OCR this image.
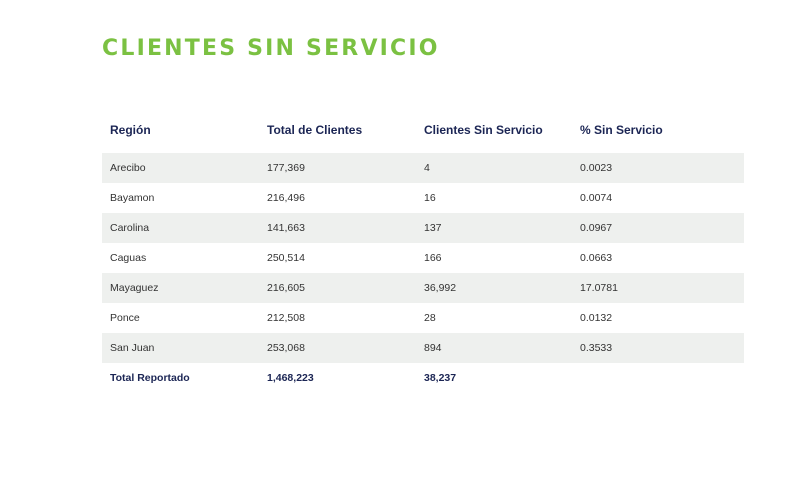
CLIENTES SIN SERVICIO
Región	Total de Clientes	Clientes Sin Servicio	% Sin Servicio
Arecibo	177,369	4	0.0023
Bayamon	216,496	16	0.0074
Carolina	141,663	137	0.0967
Caguas	250,514	166	0.0663
Mayaguez	216,605	36,992	17.0781
Ponce	212,508	28	0.0132
San Juan	253,068	894	0.3533
Total Reportado	1,468,223	38,237	
